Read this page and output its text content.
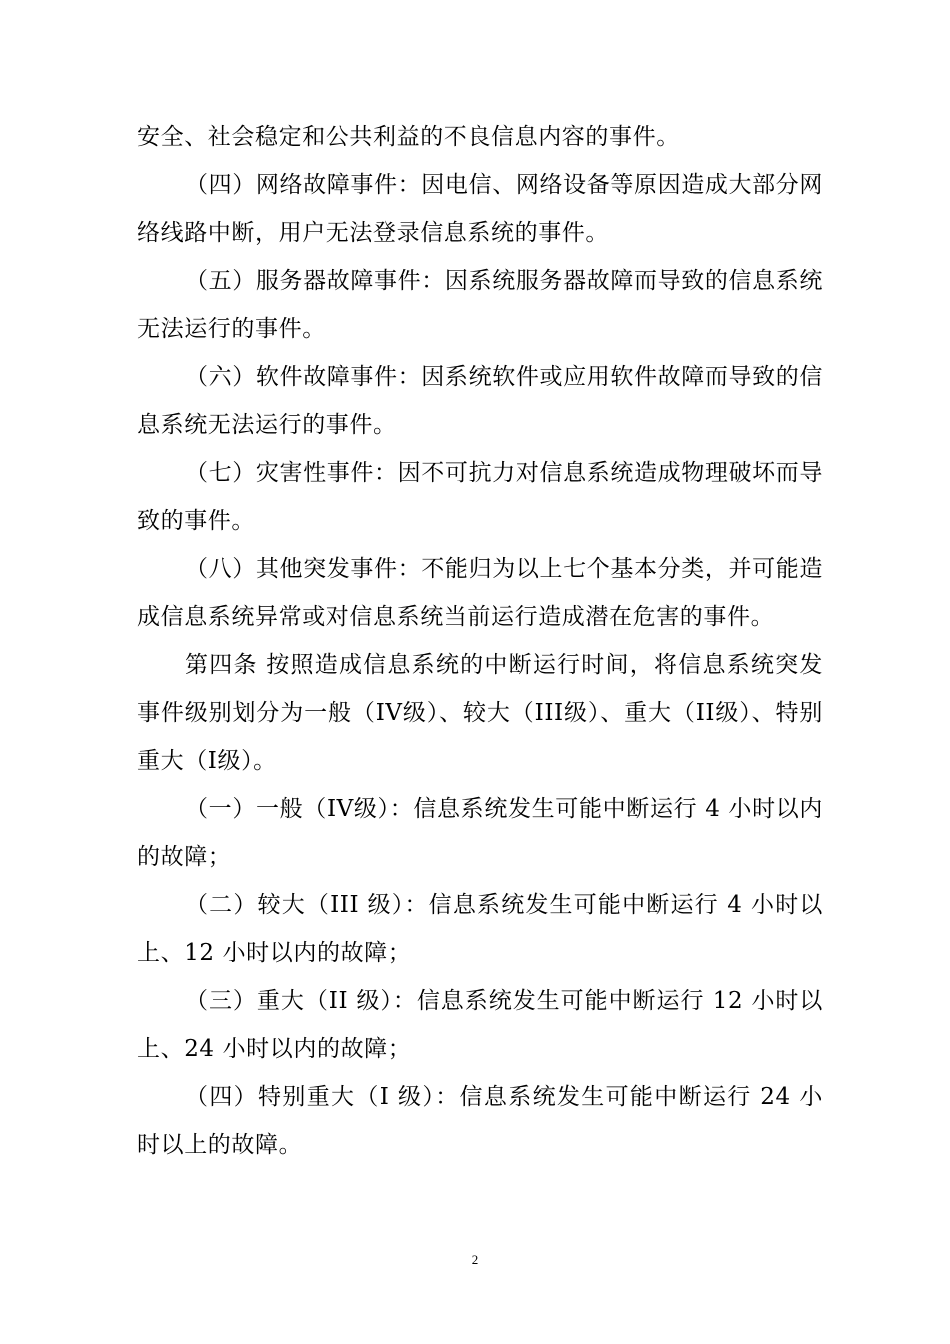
安全、社会稳定和公共利益的不良信息内容的事件。

（四）网络故障事件：因电信、网络设备等原因造成大部分网络线路中断，用户无法登录信息系统的事件。

（五）服务器故障事件：因系统服务器故障而导致的信息系统无法运行的事件。

（六）软件故障事件：因系统软件或应用软件故障而导致的信息系统无法运行的事件。

（七）灾害性事件：因不可抗力对信息系统造成物理破坏而导致的事件。

（八）其他突发事件：不能归为以上七个基本分类，并可能造成信息系统异常或对信息系统当前运行造成潜在危害的事件。

第四条 按照造成信息系统的中断运行时间，将信息系统突发事件级别划分为一般（IV级）、较大（III级）、重大（II级）、特别重大（I级）。

（一）一般（IV级）：信息系统发生可能中断运行 4 小时以内的故障；

（二）较大（III 级）：信息系统发生可能中断运行 4 小时以上、12 小时以内的故障；

（三）重大（II 级）：信息系统发生可能中断运行 12 小时以上、24 小时以内的故障；

（四）特别重大（I 级）：信息系统发生可能中断运行 24 小时以上的故障。

2
